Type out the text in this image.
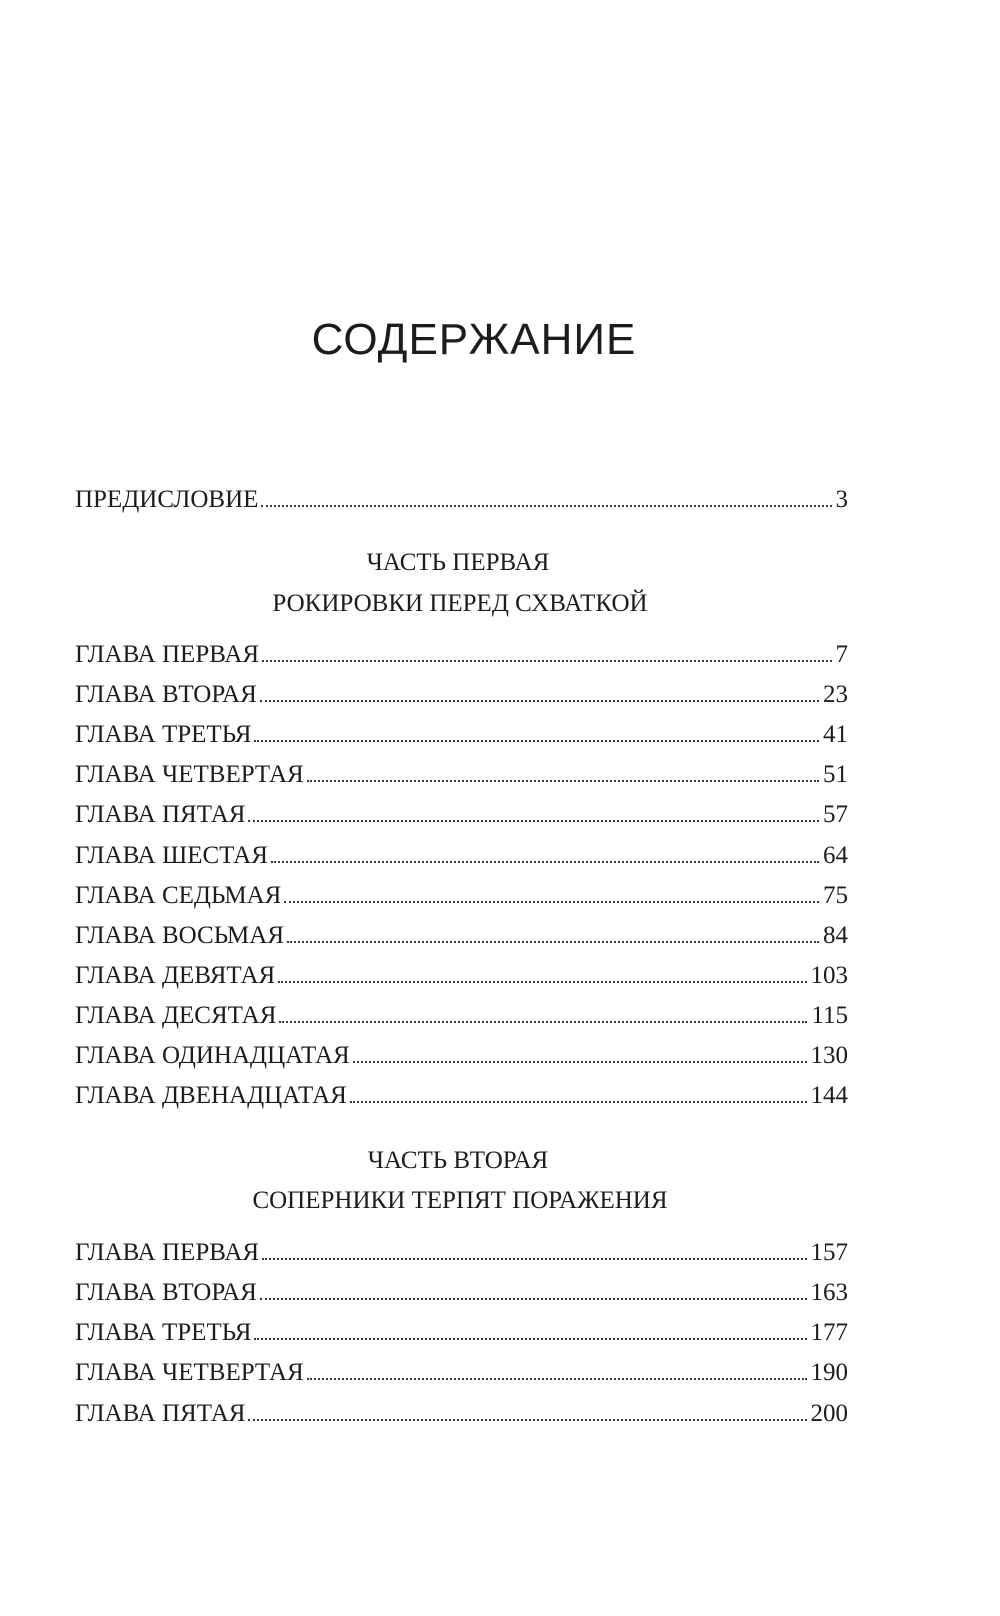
СОДЕРЖАНИЕ
ПРЕДИСЛОВИЕ	3
ЧАСТЬ ПЕРВАЯ
РОКИРОВКИ ПЕРЕД СХВАТКОЙ
ГЛАВА ПЕРВАЯ	7
ГЛАВА ВТОРАЯ	23
ГЛАВА ТРЕТЬЯ	41
ГЛАВА ЧЕТВЕРТАЯ	51
ГЛАВА ПЯТАЯ	57
ГЛАВА ШЕСТАЯ	64
ГЛАВА СЕДЬМАЯ	75
ГЛАВА ВОСЬМАЯ	84
ГЛАВА ДЕВЯТАЯ	103
ГЛАВА ДЕСЯТАЯ	115
ГЛАВА ОДИНАДЦАТАЯ	130
ГЛАВА ДВЕНАДЦАТАЯ	144
ЧАСТЬ ВТОРАЯ
СОПЕРНИКИ ТЕРПЯТ ПОРАЖЕНИЯ
ГЛАВА ПЕРВАЯ	157
ГЛАВА ВТОРАЯ	163
ГЛАВА ТРЕТЬЯ	177
ГЛАВА ЧЕТВЕРТАЯ	190
ГЛАВА ПЯТАЯ	200
